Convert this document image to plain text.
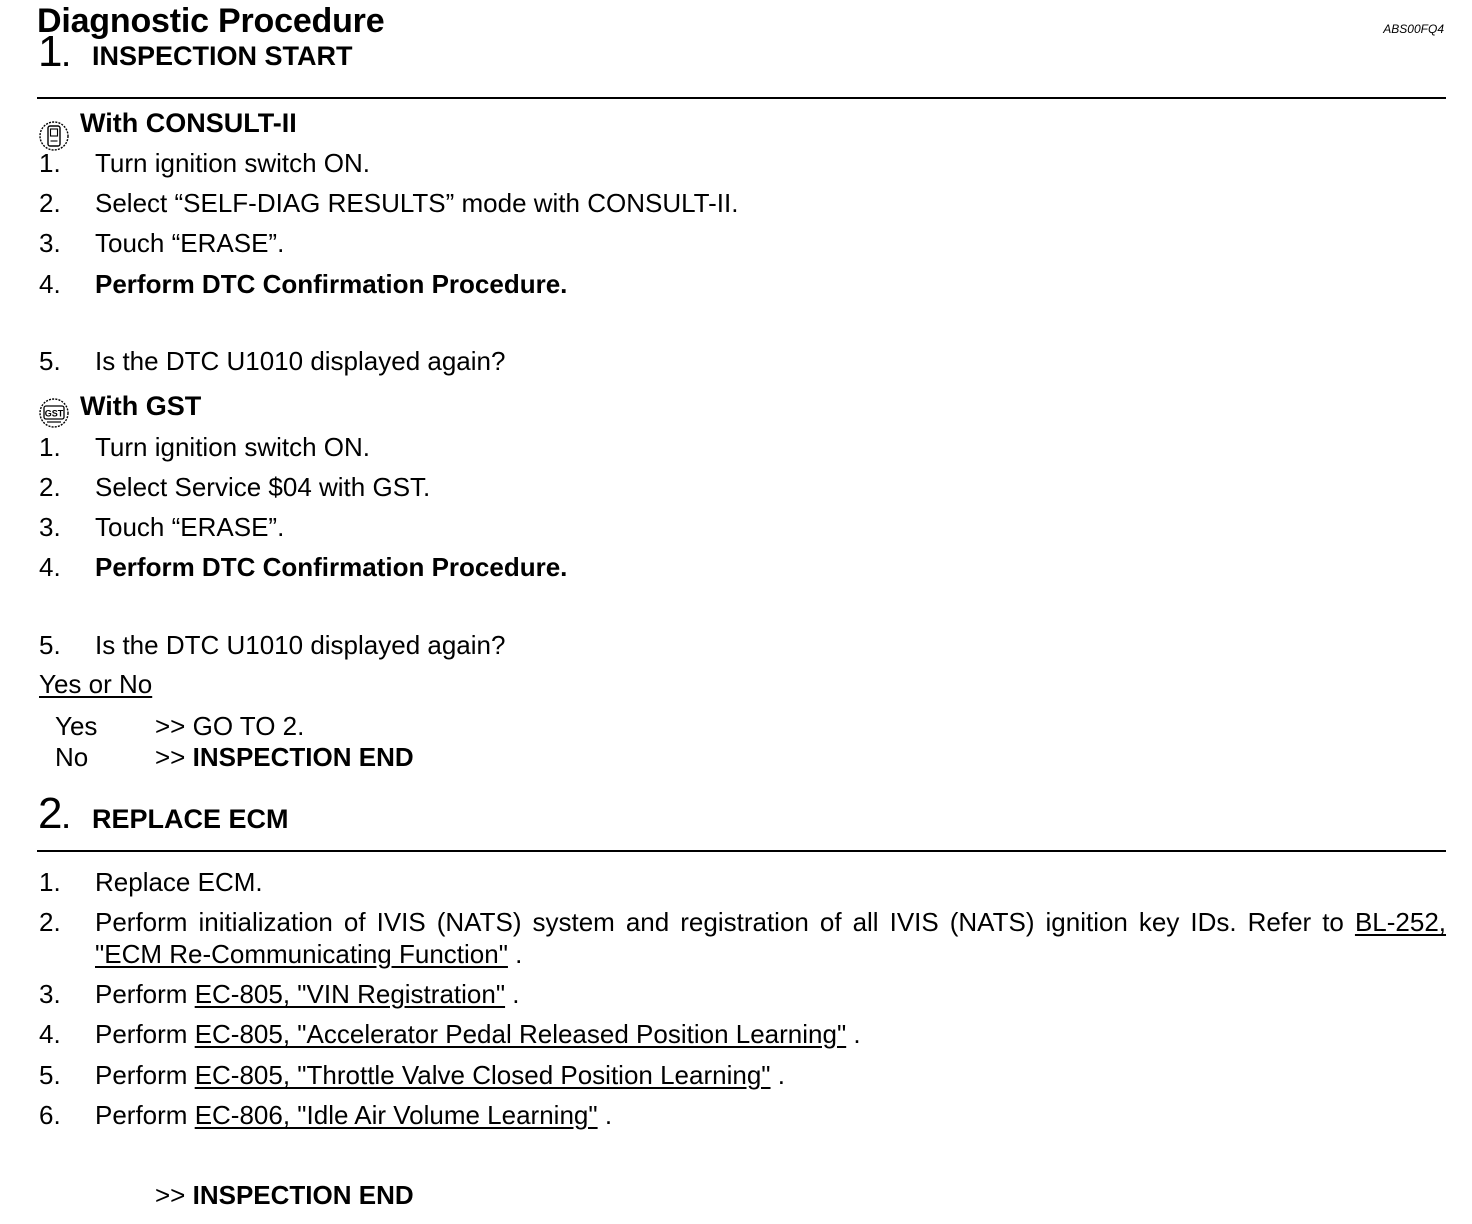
Diagnostic Procedure	ABS00FQ4
1. INSPECTION START
With CONSULT-II
1. Turn ignition switch ON.
2. Select “SELF-DIAG RESULTS” mode with CONSULT-II.
3. Touch “ERASE”.
4. Perform DTC Confirmation Procedure.
5. Is the DTC U1010 displayed again?
GST With GST
1. Turn ignition switch ON.
2. Select Service $04 with GST.
3. Touch “ERASE”.
4. Perform DTC Confirmation Procedure.
5. Is the DTC U1010 displayed again?
Yes or No
Yes >> GO TO 2.
No	>> INSPECTION END
2. REPLACE ECM
1. Replace ECM.
2. Perform initialization of IVIS (NATS) system and registration of all IVIS (NATS) ignition key IDs. Refer to BL-252, "ECM Re-Communicating Function" .
3. Perform EC-805, "VIN Registration" .
4. Perform EC-805, "Accelerator Pedal Released Position Learning" .
5. Perform EC-805, "Throttle Valve Closed Position Learning" .
6. Perform EC-806, "Idle Air Volume Learning" .
>> INSPECTION END
